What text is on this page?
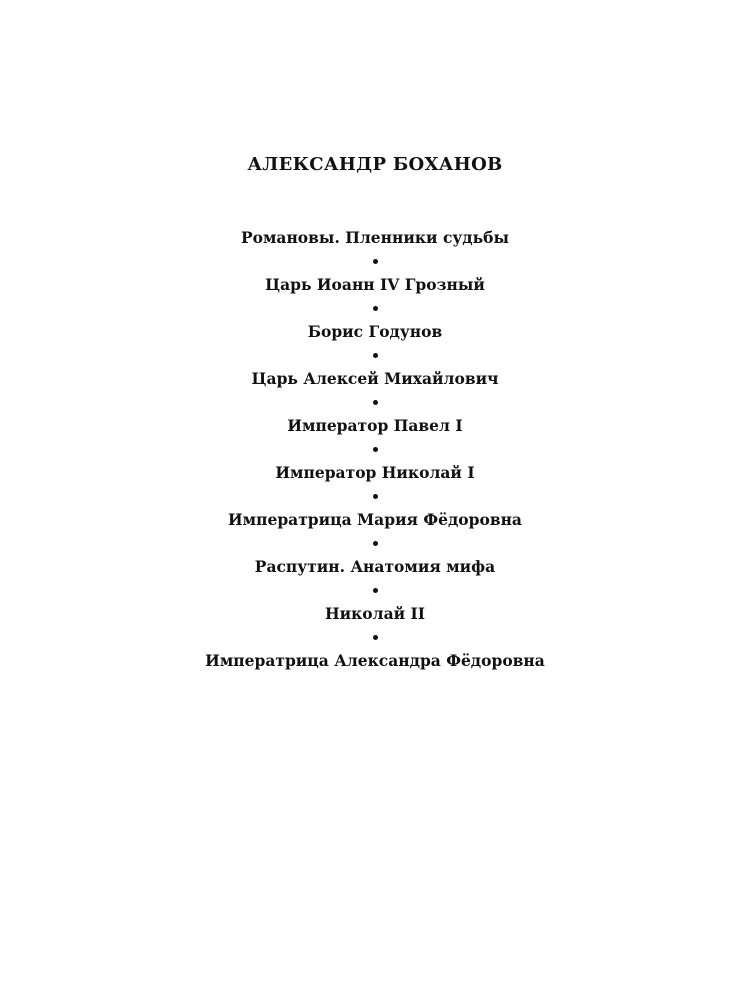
АЛЕКСАНДР БОХАНОВ
Романовы. Пленники судьбы
Царь Иоанн IV Грозный
Борис Годунов
Царь Алексей Михайлович
Император Павел I
Император Николай I
Императрица Мария Фёдоровна
Распутин. Анатомия мифа
Николай II
Императрица Александра Фёдоровна
